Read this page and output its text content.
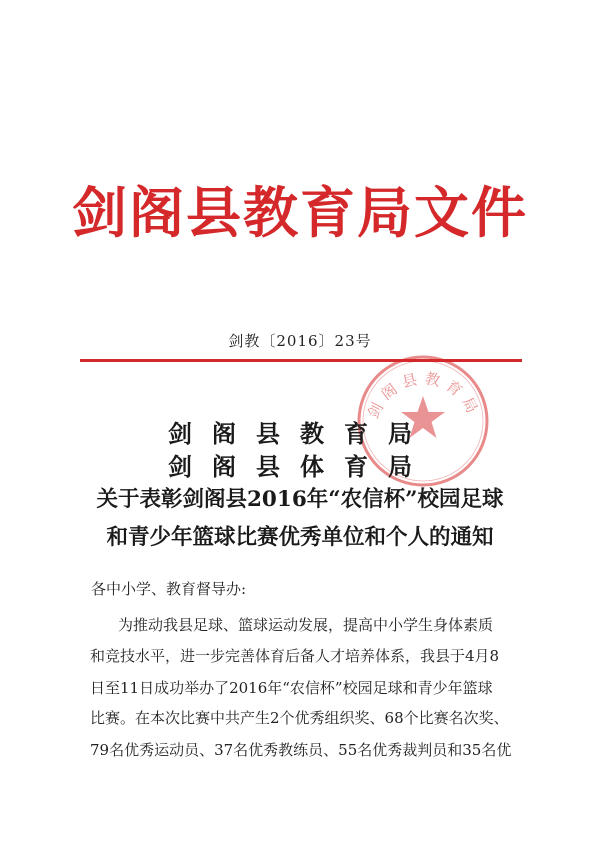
剑阁县教育局文件
剑教〔2016〕23号
剑阁县教育局
剑阁县教育局
剑阁县体育局
关于表彰剑阁县2016年“农信杯”校园足球
和青少年篮球比赛优秀单位和个人的通知
各中小学、教育督导办:
为推动我县足球、篮球运动发展，提高中小学生身体素质
和竞技水平，进一步完善体育后备人才培养体系，我县于4月8
日至11日成功举办了2016年“农信杯”校园足球和青少年篮球
比赛。在本次比赛中共产生2个优秀组织奖、68个比赛名次奖、
79名优秀运动员、37名优秀教练员、55名优秀裁判员和35名优
